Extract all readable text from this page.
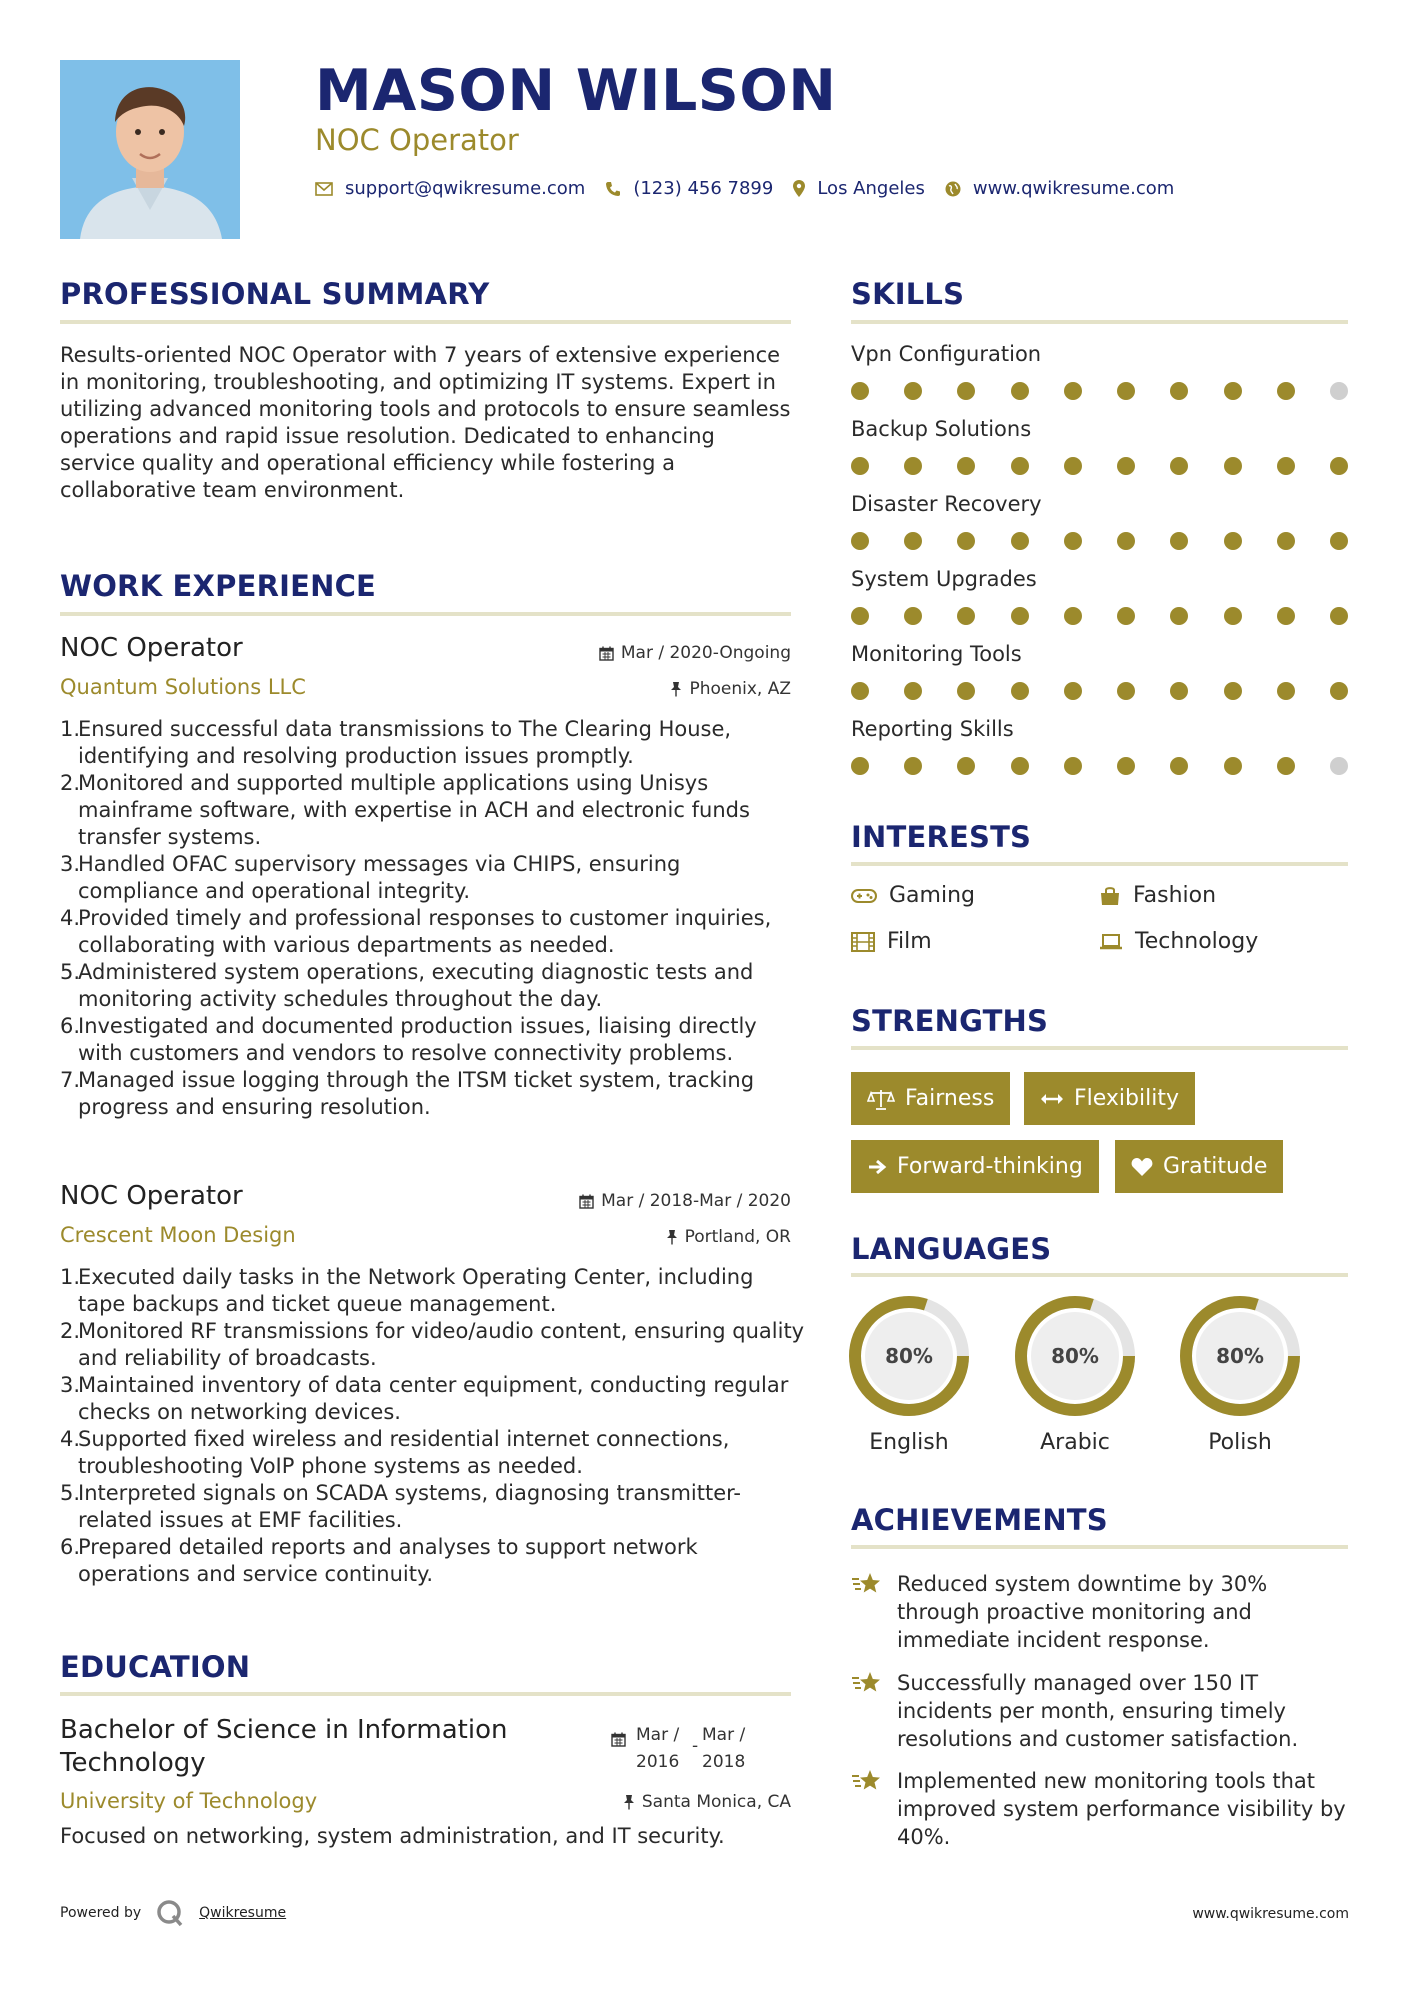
MASON WILSON
NOC Operator
support@qwikresume.com	(123) 456 7899 Los Angeles	www.qwikresume.com
PROFESSIONAL SUMMARY
Results-oriented NOC Operator with 7 years of extensive experience in monitoring, troubleshooting, and optimizing IT systems. Expert in utilizing advanced monitoring tools and protocols to ensure seamless operations and rapid issue resolution. Dedicated to enhancing service quality and operational efficiency while fostering a collaborative team environment.
WORK EXPERIENCE
NOC Operator	Mar / 2020-Ongoing
Quantum Solutions LLC	Phoenix, AZ
1.
Ensured successful data transmissions to The Clearing House, identifying and resolving production issues promptly.
2.
Monitored and supported multiple applications using Unisys mainframe software, with expertise in ACH and electronic funds transfer systems.
3.
Handled OFAC supervisory messages via CHIPS, ensuring compliance and operational integrity.
4.
Provided timely and professional responses to customer inquiries, collaborating with various departments as needed.
5.
Administered system operations, executing diagnostic tests and monitoring activity schedules throughout the day.
6.
Investigated and documented production issues, liaising directly with customers and vendors to resolve connectivity problems.
7.
Managed issue logging through the ITSM ticket system, tracking progress and ensuring resolution.
NOC Operator	Mar / 2018-Mar / 2020
Crescent Moon Design	Portland, OR
1.
Executed daily tasks in the Network Operating Center, including tape backups and ticket queue management.
2.
Monitored RF transmissions for video/audio content, ensuring quality and reliability of broadcasts.
3.
Maintained inventory of data center equipment, conducting regular checks on networking devices.
4.
Supported fixed wireless and residential internet connections, troubleshooting VoIP phone systems as needed.
5.
Interpreted signals on SCADA systems, diagnosing transmitter-related issues at EMF facilities.
6.
Prepared detailed reports and analyses to support network operations and service continuity.
EDUCATION
Bachelor of Science in Information Technology
Mar / 2016
-
Mar / 2018
University of Technology	Santa Monica, CA
Focused on networking, system administration, and IT security.
SKILLS
Vpn Configuration
Backup Solutions
Disaster Recovery
System Upgrades
Monitoring Tools
Reporting Skills
INTERESTS
Gaming	Fashion
Film	Technology
STRENGTHS
Fairness	Flexibility
Forward-thinking	Gratitude
LANGUAGES
80%
English
80%
Arabic
80%
Polish
ACHIEVEMENTS
Reduced system downtime by 30% through proactive monitoring and immediate incident response.
Successfully managed over 150 IT incidents per month, ensuring timely resolutions and customer satisfaction.
Implemented new monitoring tools that improved system performance visibility by 40%.
Powered by	Qwikresume	www.qwikresume.com
